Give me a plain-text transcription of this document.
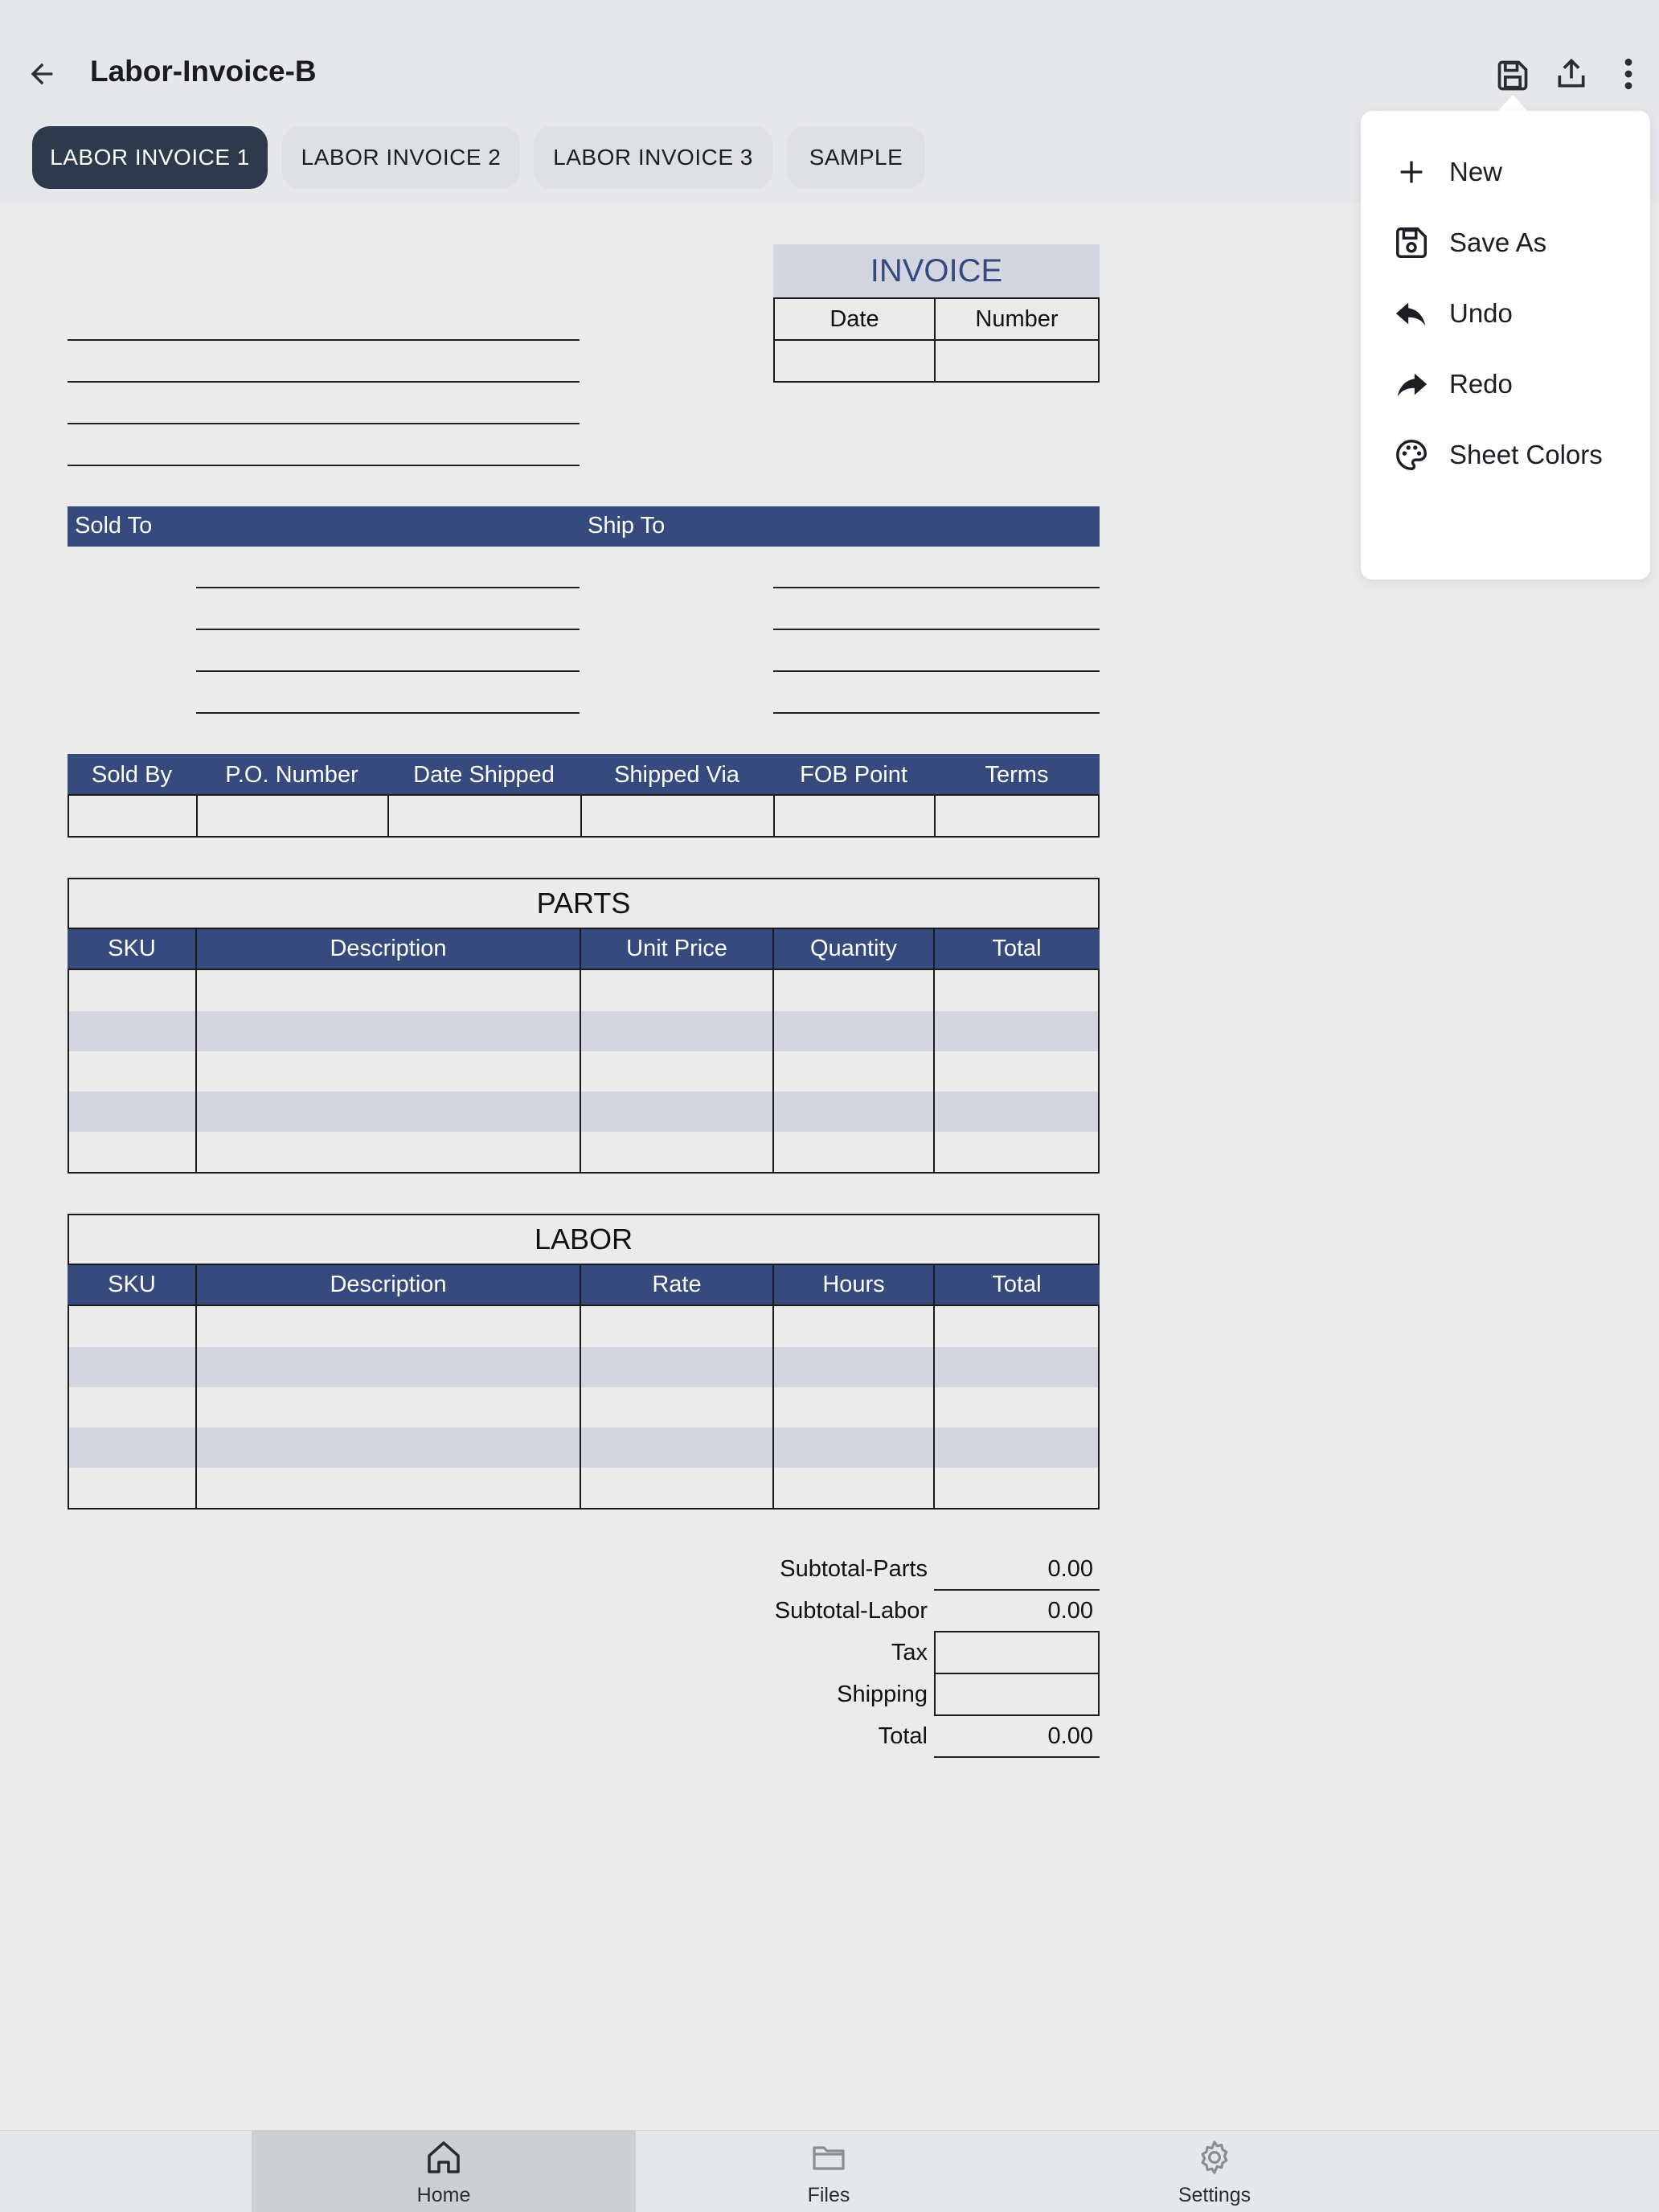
Labor-Invoice-B
LABOR INVOICE 1	LABOR INVOICE 2	LABOR INVOICE 3	SAMPLE
INVOICE
Date	Number
Sold To	Ship To
Sold By	P.O. Number	Date Shipped	Shipped Via	FOB Point	Terms
PARTS
SKU	Description	Unit Price	Quantity	Total
LABOR
SKU	Description	Rate	Hours	Total
Subtotal-Parts	0.00
Subtotal-Labor	0.00
Tax
Shipping
Total	0.00
New
Save As
Undo
Redo
Sheet Colors
Home	Files	Settings
